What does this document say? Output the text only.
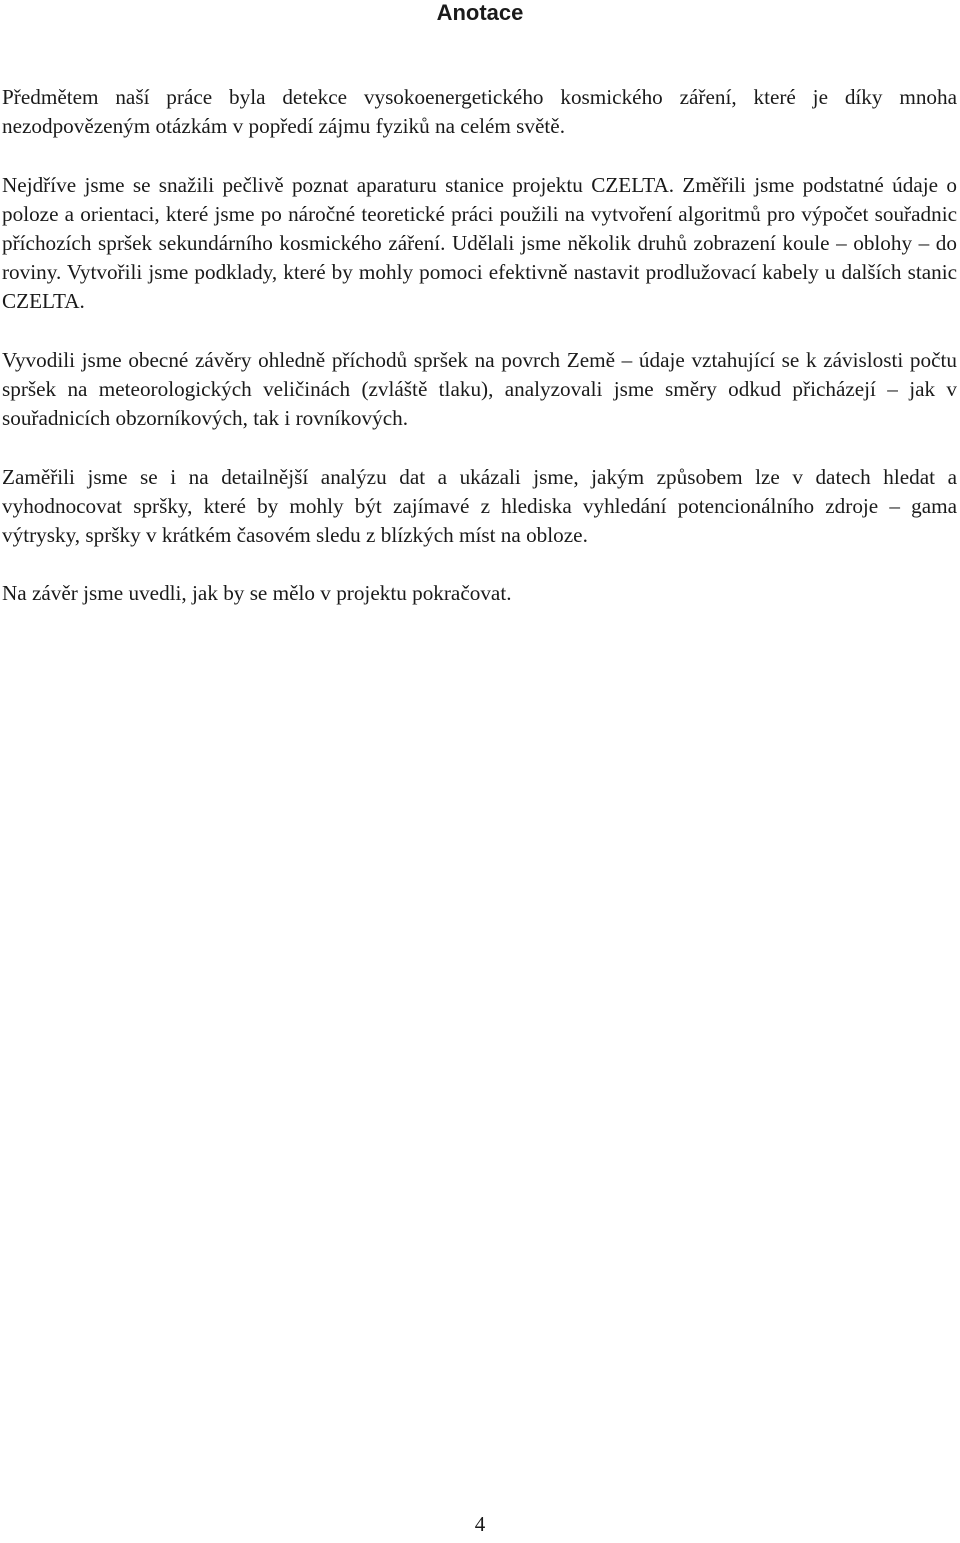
Anotace

Předmětem naší práce byla detekce vysokoenergetického kosmického záření, které je díky mnoha nezodpovězeným otázkám v popředí zájmu fyziků na celém světě.

Nejdříve jsme se snažili pečlivě poznat aparaturu stanice projektu CZELTA. Změřili jsme podstatné údaje o poloze a orientaci, které jsme po náročné teoretické práci použili na vytvoření algoritmů pro výpočet souřadnic příchozích spršek sekundárního kosmického záření. Udělali jsme několik druhů zobrazení koule – oblohy – do roviny. Vytvořili jsme podklady, které by mohly pomoci efektivně nastavit prodlužovací kabely u dalších stanic CZELTA.

Vyvodili jsme obecné závěry ohledně příchodů spršek na povrch Země – údaje vztahující se k závislosti počtu spršek na meteorologických veličinách (zvláště tlaku), analyzovali jsme směry odkud přicházejí – jak v souřadnicích obzorníkových, tak i rovníkových.

Zaměřili jsme se i na detailnější analýzu dat a ukázali jsme, jakým způsobem lze v datech hledat a vyhodnocovat spršky, které by mohly být zajímavé z hlediska vyhledání potencionálního zdroje – gama výtrysky, spršky v krátkém časovém sledu z blízkých míst na obloze.

Na závěr jsme uvedli, jak by se mělo v projektu pokračovat.

4
